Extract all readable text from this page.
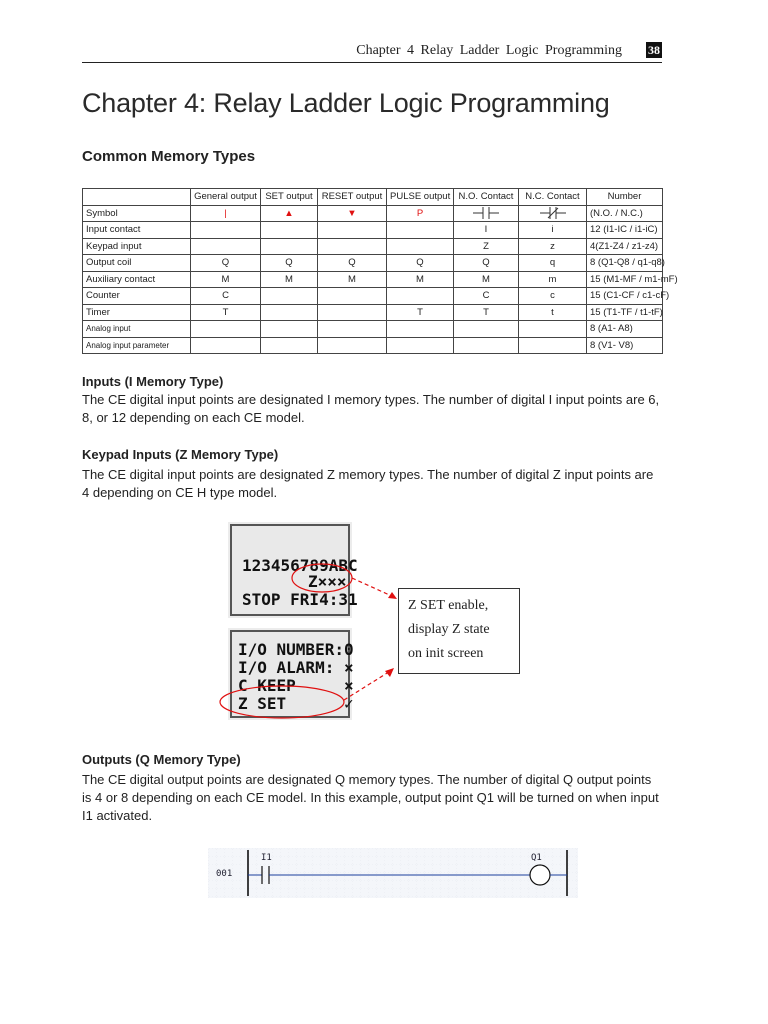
Chapter 4 Relay Ladder Logic Programming 38
Chapter 4: Relay Ladder Logic Programming
Common Memory Types
	General output	SET output	RESET output	PULSE output	N.O. Contact	N.C. Contact	Number
Symbol	|	▲	▼	P			(N.O. / N.C.)
Input contact					I	i	12 (I1-IC / i1-iC)
Keypad input					Z	z	4(Z1-Z4 / z1-z4)
Output coil	Q	Q	Q	Q	Q	q	8 (Q1-Q8 / q1-q8)
Auxiliary contact	M	M	M	M	M	m	15 (M1-MF / m1-mF)
Counter	C				C	c	15 (C1-CF / c1-cF)
Timer	T			T	T	t	15 (T1-TF / t1-tF)
Analog input							8 (A1- A8)
Analog input parameter							8 (V1- V8)
Inputs (I Memory Type)

The CE digital input points are designated I memory types. The number of digital I input points are 6, 8, or 12 depending on each CE model.

Keypad Inputs (Z Memory Type)

The CE digital input points are designated Z memory types. The number of digital Z input points are 4 depending on CE H type model.

123456789ABC
Z×××
STOP FRI4:31
I/O NUMBER:0
I/O ALARM: ×
C KEEP     ×
Z SET      ✓
Z SET enable,
display Z state
on init screen
Outputs (Q Memory Type)

The CE digital output points are designated Q memory types. The number of digital Q output points is 4 or 8 depending on each CE model. In this example, output point Q1 will be turned on when input I1 activated.

001
I1	Q1
